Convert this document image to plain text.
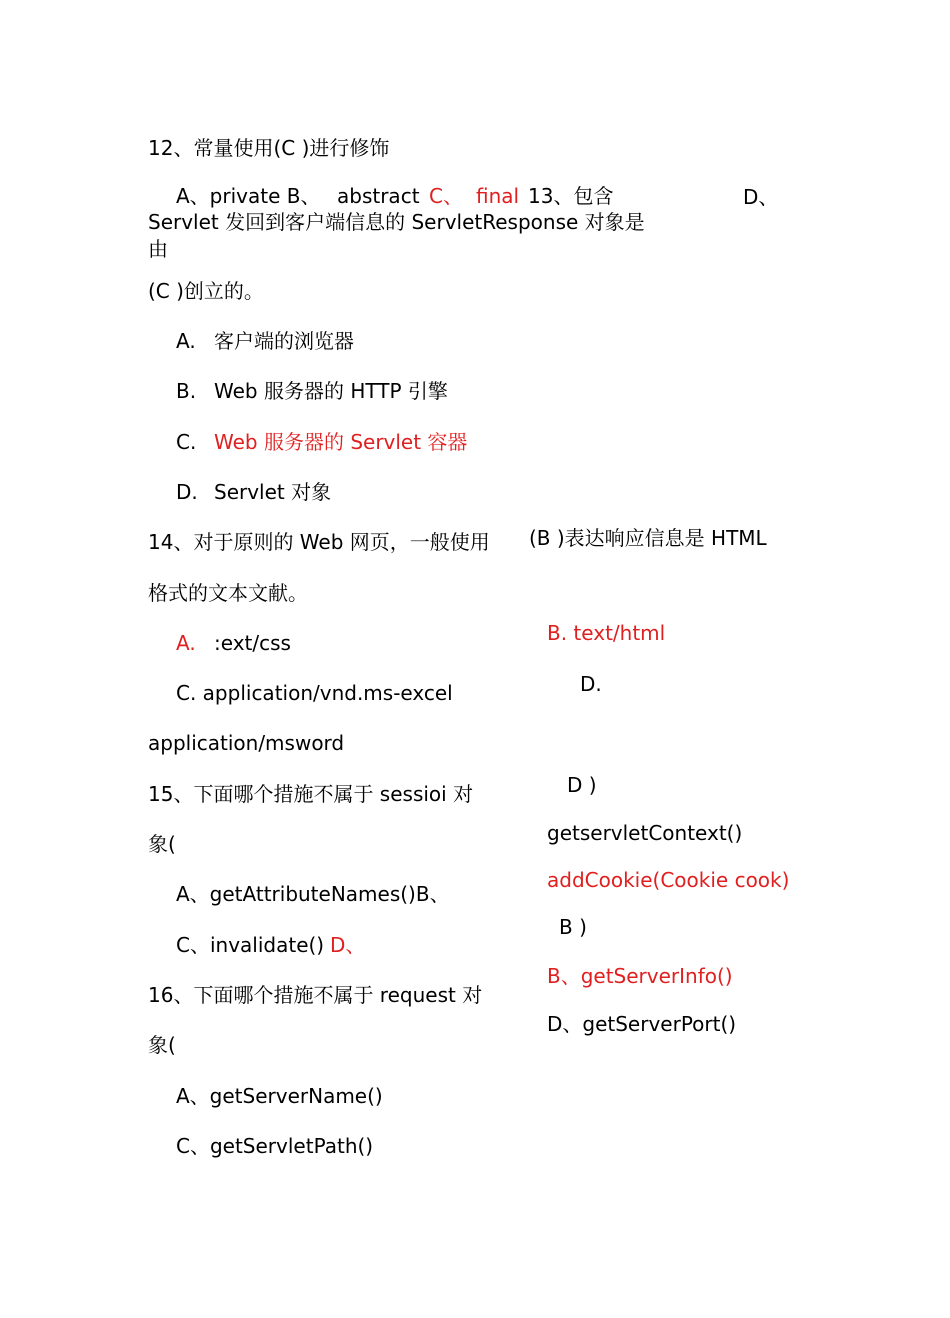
12、常量使用(C )进行修饰
A、private B、 abstract C、 final	D、
13、包含
Servlet 发回到客户端信息的 ServletResponse 对象是
由
(C )创立的。
A. 客户端的浏览器
B. Web 服务器的 HTTP 引擎
C. Web 服务器的 Servlet 容器
D. Servlet 对象
14、对于原则的 Web 网页，一般使用 (B )表达响应信息是 HTML
格式的文本文献。
A. :ext/css	B. text/html
C. application/vnd.ms-excel	D.
application/msword
15、下面哪个措施不属于 sessioi 对	D )
象(	getservletContext()
A、getAttributeNames()B、
addCookie(Cookie cook)
C、invalidate() D、
B )
16、下面哪个措施不属于 request 对
B、getServerInfo()
D、getServerPort()
象(
A、getServerName()
C、getServletPath()
